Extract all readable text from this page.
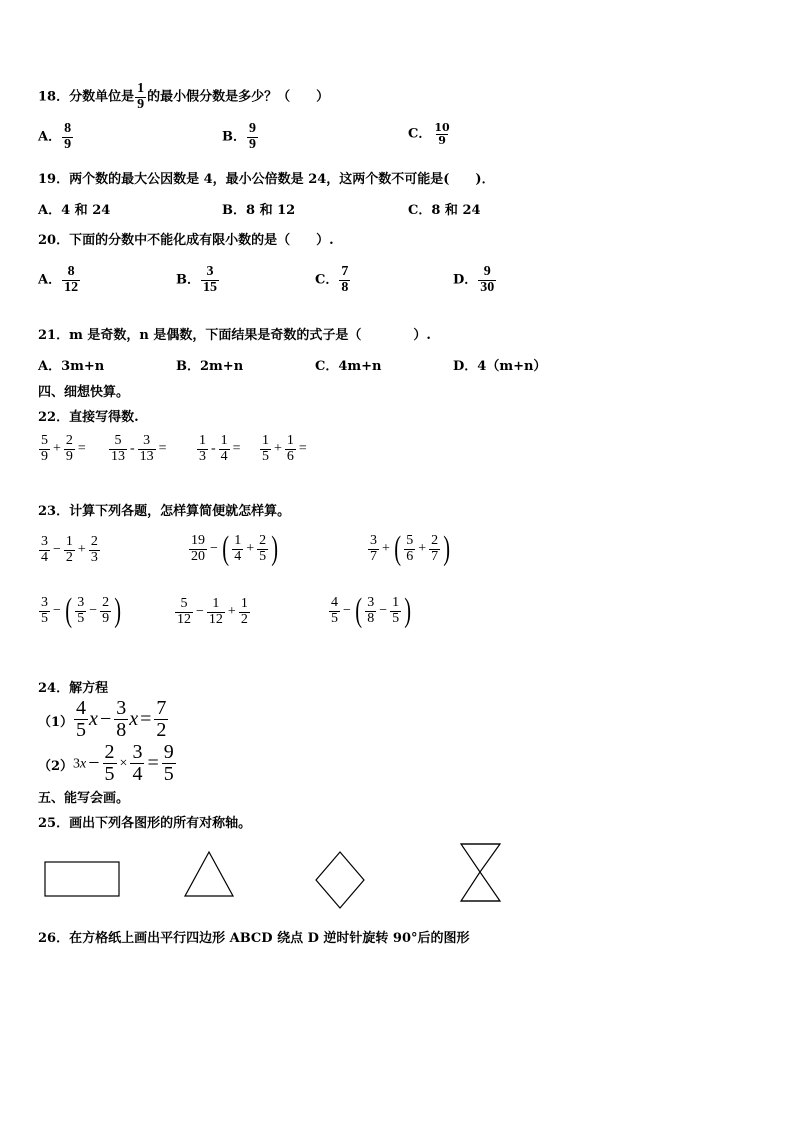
18．分数单位是 $\frac{1}{9}$ 的最小假分数是多少？（　　）
A． $\frac{8}{9}$	B． $\frac{9}{9}$	C． $\frac{10}{9}$
19．两个数的最大公因数是 4，最小公倍数是 24，这两个数不可能是(　　)．
A．4 和 24	B．8 和 12	C．8 和 24
20．下面的分数中不能化成有限小数的是（　　）.
A． $\frac{8}{12}$	B． $\frac{3}{15}$	C． $\frac{7}{8}$	D． $\frac{9}{30}$
21．m 是奇数，n 是偶数，下面结果是奇数的式子是（　　　　）.
A．3m+n	B．2m+n	C．4m+n	D．4（m+n）
四、细想快算。
22．直接写得数.
$\frac{5}{9} + \frac{2}{9} = \frac{5}{13} - \frac{3}{13} = \frac{1}{3} - \frac{1}{4} = \frac{1}{5} + \frac{1}{6}$ =
23．计算下列各题，怎样算简便就怎样算。
$\frac{3}{4} - \frac{1}{2} + \frac{2}{3}$	$\frac{19}{20}$ − ( $\frac{1}{4} + \frac{2}{5}$ )	$\frac{3}{7}$ + ( $\frac{5}{6} + \frac{2}{7}$ )
$\frac{3}{5}$ − ( $\frac{3}{5} - \frac{2}{9}$ )	$\frac{5}{12} - \frac{1}{12} + \frac{1}{2}$	$\frac{4}{5}$ − ( $\frac{3}{8} - \frac{1}{5}$ )
24．解方程
$(1) \frac{4}{5}$ $x - \frac{3}{8}$ $x = \frac{7}{2}$
$(2)3x - \frac{2}{5} \times \frac{3}{4} = \frac{9}{5}$
五、能写会画。
25．画出下列各图形的所有对称轴。
26．在方格纸上画出平行四边形 ABCD 绕点 D 逆时针旋转 90°后的图形
